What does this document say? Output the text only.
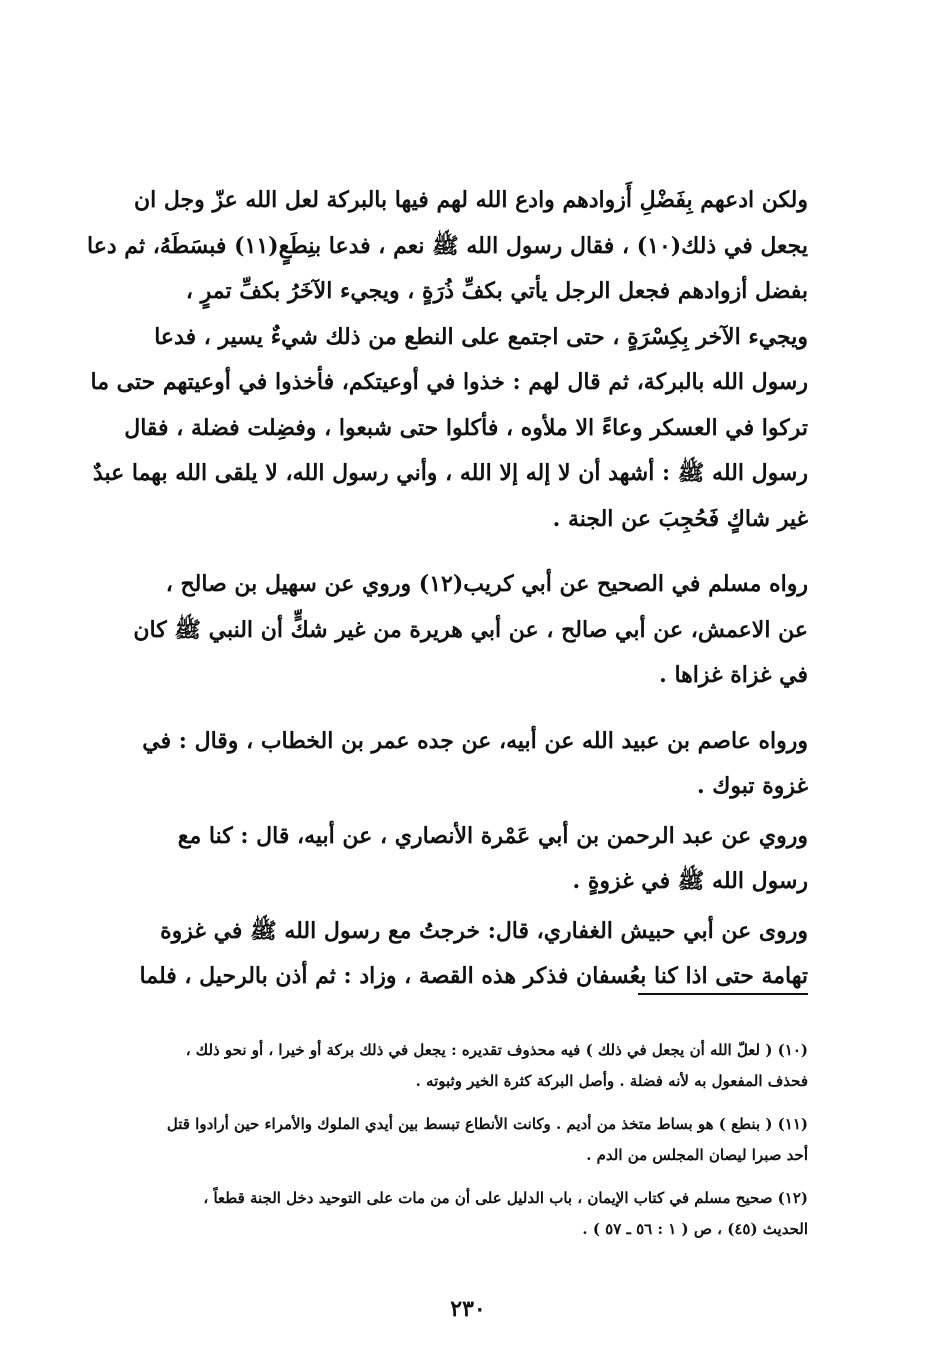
ولكن ادعهم بِفَضْلِ أَزوادهم وادع الله لهم فيها بالبركة لعل الله عزّ وجل ان
يجعل في ذلك(١٠) ، فقال رسول الله ﷺ نعم ، فدعا بنِطَعٍ(١١) فبسَطَهُ، ثم دعا
بفضل أزوادهم فجعل الرجل يأتي بكفِّ ذُرَةٍ ، ويجيء الآخَرُ بكفِّ تمرٍ ،
ويجيء الآخر بِكِسْرَةٍ ، حتى اجتمع على النطع من ذلك شيءٌ يسير ، فدعا
رسول الله بالبركة، ثم قال لهم : خذوا في أوعيتكم، فأخذوا في أوعيتهم حتى ما
تركوا في العسكر وعاءً الا ملأوه ، فأكلوا حتى شبعوا ، وفضِلت فضلة ، فقال
رسول الله ﷺ : أشهد أن لا إله إلا الله ، وأني رسول الله، لا يلقى الله بهما عبدٌ
غير شاكٍ فَحُجِبَ عن الجنة .
رواه مسلم في الصحيح عن أبي كريب(١٢) وروي عن سهيل بن صالح ،
عن الاعمش، عن أبي صالح ، عن أبي هريرة من غير شكٍّ أن النبي ﷺ كان
في غزاة غزاها .
ورواه عاصم بن عبيد الله عن أبيه، عن جده عمر بن الخطاب ، وقال : في
غزوة تبوك .
وروي عن عبد الرحمن بن أبي عَمْرة الأنصاري ، عن أبيه، قال : كنا مع
رسول الله ﷺ في غزوةٍ .
وروى عن أبي حبيش الغفاري، قال: خرجتُ مع رسول الله ﷺ في غزوة
تهامة حتى اذا كنا بعُسفان فذكر هذه القصة ، وزاد : ثم أذن بالرحيل ، فلما
(١٠) ( لعلّ الله أن يجعل في ذلك ) فيه محذوف تقديره : يجعل في ذلك بركة أو خيرا ، أو نحو ذلك ،
فحذف المفعول به لأنه فضلة . وأصل البركة كثرة الخير وثبوته .
(١١) ( بنطع ) هو بساط متخذ من أديم . وكانت الأنطاع تبسط بين أيدي الملوك والأمراء حين أرادوا قتل
أحد صبرا ليصان المجلس من الدم .
(١٢) صحيح مسلم في كتاب الإيمان ، باب الدليل على أن من مات على التوحيد دخل الجنة قطعاً ،
الحديث (٤٥) ، ص ( ١ : ٥٦ ـ ٥٧ ) .
٢٣٠
